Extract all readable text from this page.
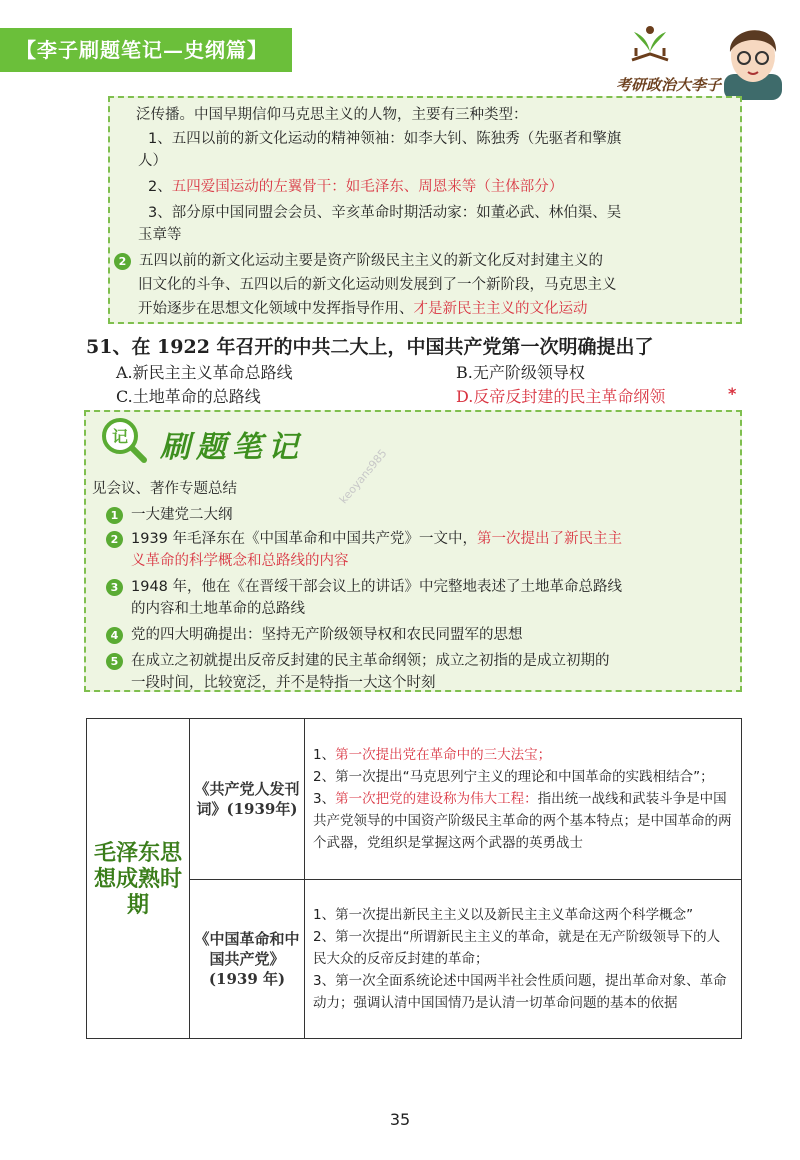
【李子刷题笔记—史纲篇】
考研政治大李子
泛传播。中国早期信仰马克思主义的人物，主要有三种类型：
1、五四以前的新文化运动的精神领袖：如李大钊、陈独秀（先驱者和擎旗
人）
2、五四爱国运动的左翼骨干：如毛泽东、周恩来等（主体部分）
3、部分原中国同盟会会员、辛亥革命时期活动家：如董必武、林伯渠、吴
玉章等
2 五四以前的新文化运动主要是资产阶级民主主义的新文化反对封建主义的
旧文化的斗争、五四以后的新文化运动则发展到了一个新阶段，马克思主义
开始逐步在思想文化领域中发挥指导作用、才是新民主主义的文化运动
51、在 1922 年召开的中共二大上，中国共产党第一次明确提出了
A.新民主主义革命总路线	B.无产阶级领导权
C.土地革命的总路线	D.反帝反封建的民主革命纲领	*
见会议、著作专题总结
1 一大建党二大纲
2 1939 年毛泽东在《中国革命和中国共产党》一文中，第一次提出了新民主主
义革命的科学概念和总路线的内容
3 1948 年，他在《在晋绥干部会议上的讲话》中完整地表述了土地革命总路线
的内容和土地革命的总路线
4 党的四大明确提出：坚持无产阶级领导权和农民同盟军的思想
5 在成立之初就提出反帝反封建的民主革命纲领；成立之初指的是成立初期的
一段时间，比较宽泛，并不是特指一大这个时刻
记 刷题笔记	keoyans985
毛泽东思想成熟时期	《共产党人发刊词》(1939年)	1、第一次提出党在革命中的三大法宝；
2、第一次提出“马克思列宁主义的理论和中国革命的实践相结合”；
3、第一次把党的建设称为伟大工程：指出统一战线和武装斗争是中国共产党领导的中国资产阶级民主革命的两个基本特点；是中国革命的两个武器，党组织是掌握这两个武器的英勇战士

	《中国革命和中国共产党》(1939 年)	1、第一次提出新民主主义以及新民主主义革命这两个科学概念”
2、第一次提出“所谓新民主主义的革命，就是在无产阶级领导下的人民大众的反帝反封建的革命；
3、第一次全面系统论述中国两半社会性质问题，提出革命对象、革命动力；强调认清中国国情乃是认清一切革命问题的基本的依据
35
